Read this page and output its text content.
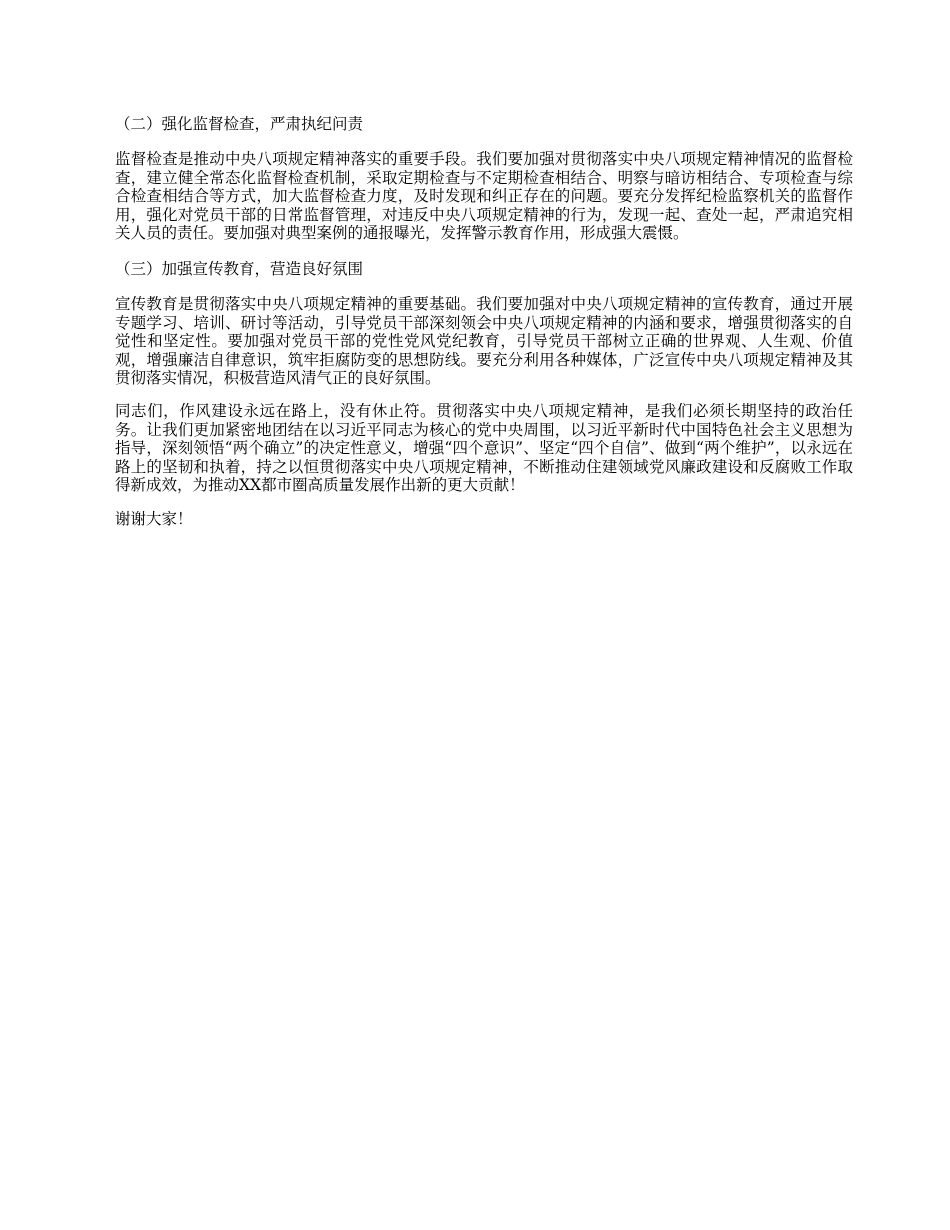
（二）强化监督检查，严肃执纪问责

监督检查是推动中央八项规定精神落实的重要手段。我们要加强对贯彻落实中央八项规定精神情况的监督检查，建立健全常态化监督检查机制，采取定期检查与不定期检查相结合、明察与暗访相结合、专项检查与综合检查相结合等方式，加大监督检查力度，及时发现和纠正存在的问题。要充分发挥纪检监察机关的监督作用，强化对党员干部的日常监督管理，对违反中央八项规定精神的行为，发现一起、查处一起，严肃追究相关人员的责任。要加强对典型案例的通报曝光，发挥警示教育作用，形成强大震慑。

（三）加强宣传教育，营造良好氛围

宣传教育是贯彻落实中央八项规定精神的重要基础。我们要加强对中央八项规定精神的宣传教育，通过开展专题学习、培训、研讨等活动，引导党员干部深刻领会中央八项规定精神的内涵和要求，增强贯彻落实的自觉性和坚定性。要加强对党员干部的党性党风党纪教育，引导党员干部树立正确的世界观、人生观、价值观，增强廉洁自律意识，筑牢拒腐防变的思想防线。要充分利用各种媒体，广泛宣传中央八项规定精神及其贯彻落实情况，积极营造风清气正的良好氛围。

同志们，作风建设永远在路上，没有休止符。贯彻落实中央八项规定精神，是我们必须长期坚持的政治任务。让我们更加紧密地团结在以习近平同志为核心的党中央周围，以习近平新时代中国特色社会主义思想为指导，深刻领悟“两个确立”的决定性意义，增强“四个意识”、坚定“四个自信”、做到“两个维护”，以永远在路上的坚韧和执着，持之以恒贯彻落实中央八项规定精神，不断推动住建领域党风廉政建设和反腐败工作取得新成效，为推动XX都市圈高质量发展作出新的更大贡献！

谢谢大家！
